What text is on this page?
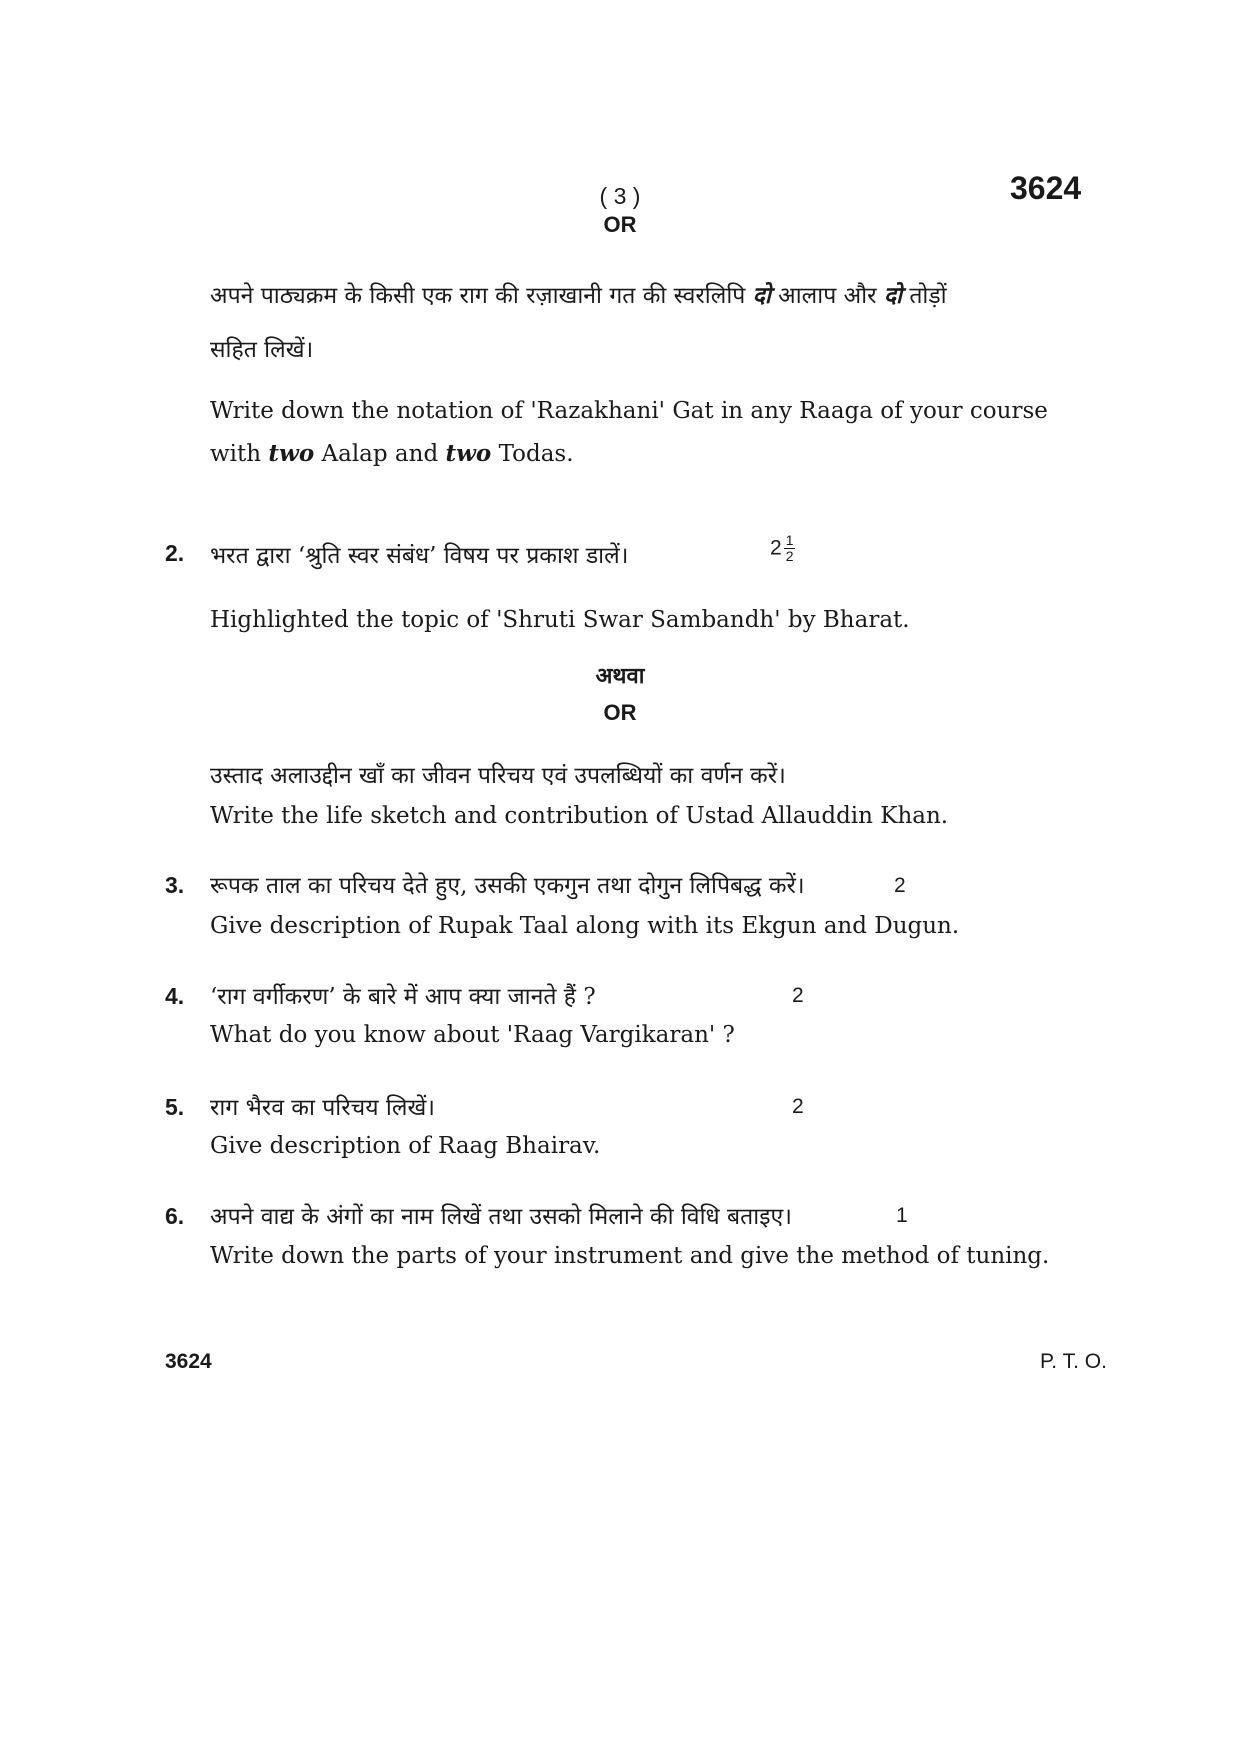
( 3 )	3624
OR
अपने पाठ्यक्रम के किसी एक राग की रज़ाखानी गत की स्वरलिपि दो आलाप और दो तोड़ों
सहित लिखें।
Write down the notation of 'Razakhani' Gat in any Raaga of your course
with two Aalap and two Todas.
2. भरत द्वारा ‘श्रुति स्वर संबंध’ विषय पर प्रकाश डालें।	$2 \frac{1}{2}$
Highlighted the topic of 'Shruti Swar Sambandh' by Bharat.
अथवा
OR
उस्ताद अलाउद्दीन खाँ का जीवन परिचय एवं उपलब्धियों का वर्णन करें।
Write the life sketch and contribution of Ustad Allauddin Khan.
3. रूपक ताल का परिचय देते हुए, उसकी एकगुन तथा दोगुन लिपिबद्ध करें।	2
Give description of Rupak Taal along with its Ekgun and Dugun.
4. ‘राग वर्गीकरण’ के बारे में आप क्या जानते हैं ?	2
What do you know about 'Raag Vargikaran' ?
5. राग भैरव का परिचय लिखें।	2
Give description of Raag Bhairav.
6. अपने वाद्य के अंगों का नाम लिखें तथा उसको मिलाने की विधि बताइए।	1
Write down the parts of your instrument and give the method of tuning.
3624	P. T. O.
